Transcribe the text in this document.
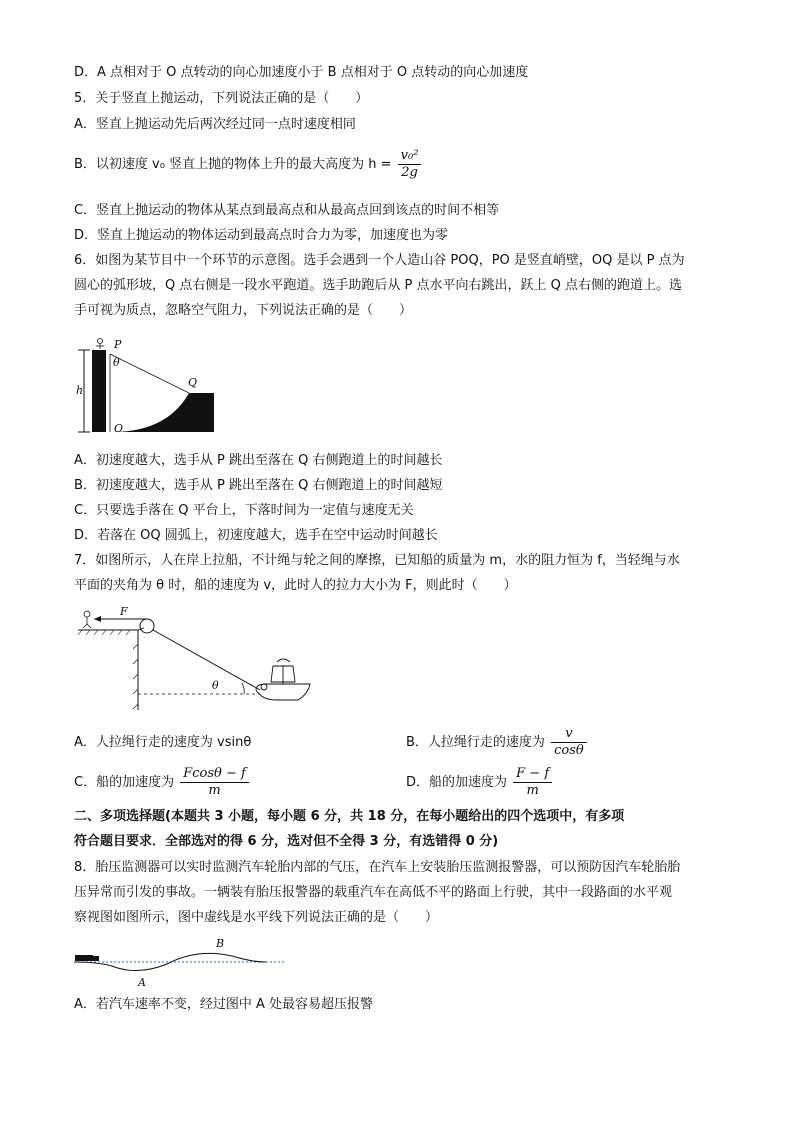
D．A 点相对于 O 点转动的向心加速度小于 B 点相对于 O 点转动的向心加速度
5．关于竖直上抛运动，下列说法正确的是（　　）
A．竖直上抛运动先后两次经过同一点时速度相同
B．以初速度 v₀ 竖直上抛的物体上升的最大高度为 $h = \frac{\text{v₀²}}{2g}$
C．竖直上抛运动的物体从某点到最高点和从最高点回到该点的时间不相等
D．竖直上抛运动的物体运动到最高点时合力为零，加速度也为零
6．如图为某节目中一个环节的示意图。选手会遇到一个人造山谷 POQ，PO 是竖直峭壁，OQ 是以 P 点为
圆心的弧形坡，Q 点右侧是一段水平跑道。选手助跑后从 P 点水平向右跳出，跃上 Q 点右侧的跑道上。选
手可视为质点，忽略空气阻力，下列说法正确的是（　　）
h
P
θ
Q
O
A．初速度越大，选手从 P 跳出至落在 Q 右侧跑道上的时间越长
B．初速度越大，选手从 P 跳出至落在 Q 右侧跑道上的时间越短
C．只要选手落在 Q 平台上，下落时间为一定值与速度无关
D．若落在 OQ 圆弧上，初速度越大，选手在空中运动时间越长
7．如图所示，人在岸上拉船，不计绳与轮之间的摩擦，已知船的质量为 m，水的阻力恒为 f，当轻绳与水
平面的夹角为 θ 时，船的速度为 v，此时人的拉力大小为 F，则此时（　　）
F
θ
A．人拉绳行走的速度为 vsinθ	B．人拉绳行走的速度为 $\frac{v}{\cos\theta}$
C．船的加速度为 $\frac{Fcos\theta - f}{m}$	D．船的加速度为 $\frac{F - f}{m}$
二、多项选择题(本题共 3 小题，每小题 6 分，共 18 分，在每小题给出的四个选项中，有多项
符合题目要求．全部选对的得 6 分，选对但不全得 3 分，有选错得 0 分)
8．胎压监测器可以实时监测汽车轮胎内部的气压，在汽车上安装胎压监测报警器，可以预防因汽车轮胎胎
压异常而引发的事故。一辆装有胎压报警器的载重汽车在高低不平的路面上行驶，其中一段路面的水平观
察视图如图所示，图中虚线是水平线下列说法正确的是（　　）
B
A
A．若汽车速率不变，经过图中 A 处最容易超压报警
